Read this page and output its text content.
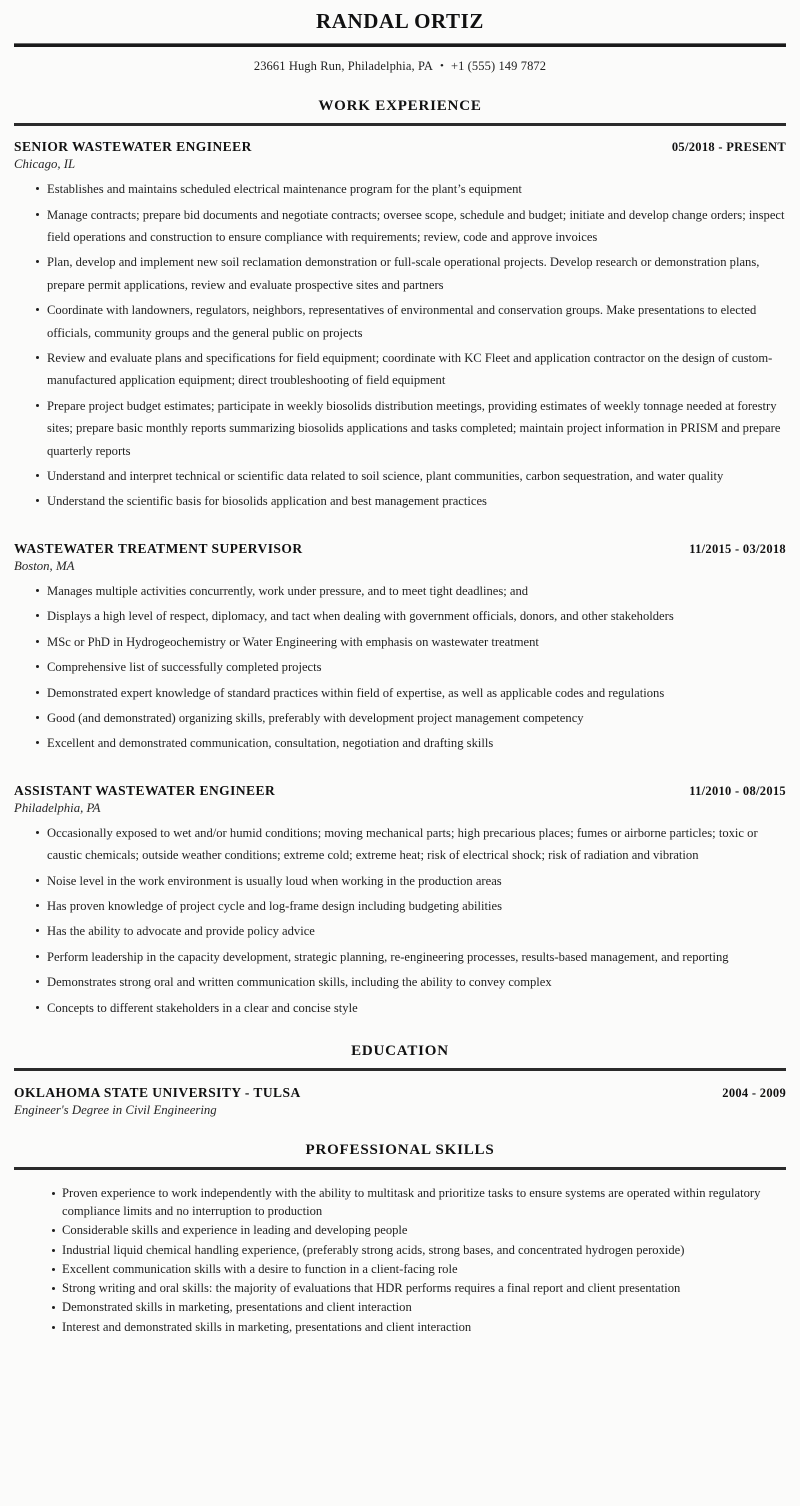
RANDAL ORTIZ
23661 Hugh Run, Philadelphia, PA • +1 (555) 149 7872
WORK EXPERIENCE
SENIOR WASTEWATER ENGINEER	05/2018 - PRESENT
Chicago, IL
Establishes and maintains scheduled electrical maintenance program for the plant’s equipment
Manage contracts; prepare bid documents and negotiate contracts; oversee scope, schedule and budget; initiate and develop change orders; inspect field operations and construction to ensure compliance with requirements; review, code and approve invoices
Plan, develop and implement new soil reclamation demonstration or full-scale operational projects. Develop research or demonstration plans, prepare permit applications, review and evaluate prospective sites and partners
Coordinate with landowners, regulators, neighbors, representatives of environmental and conservation groups. Make presentations to elected officials, community groups and the general public on projects
Review and evaluate plans and specifications for field equipment; coordinate with KC Fleet and application contractor on the design of custom-manufactured application equipment; direct troubleshooting of field equipment
Prepare project budget estimates; participate in weekly biosolids distribution meetings, providing estimates of weekly tonnage needed at forestry sites; prepare basic monthly reports summarizing biosolids applications and tasks completed; maintain project information in PRISM and prepare quarterly reports
Understand and interpret technical or scientific data related to soil science, plant communities, carbon sequestration, and water quality
Understand the scientific basis for biosolids application and best management practices
WASTEWATER TREATMENT SUPERVISOR	11/2015 - 03/2018
Boston, MA
Manages multiple activities concurrently, work under pressure, and to meet tight deadlines; and
Displays a high level of respect, diplomacy, and tact when dealing with government officials, donors, and other stakeholders
MSc or PhD in Hydrogeochemistry or Water Engineering with emphasis on wastewater treatment
Comprehensive list of successfully completed projects
Demonstrated expert knowledge of standard practices within field of expertise, as well as applicable codes and regulations
Good (and demonstrated) organizing skills, preferably with development project management competency
Excellent and demonstrated communication, consultation, negotiation and drafting skills
ASSISTANT WASTEWATER ENGINEER	11/2010 - 08/2015
Philadelphia, PA
Occasionally exposed to wet and/or humid conditions; moving mechanical parts; high precarious places; fumes or airborne particles; toxic or caustic chemicals; outside weather conditions; extreme cold; extreme heat; risk of electrical shock; risk of radiation and vibration
Noise level in the work environment is usually loud when working in the production areas
Has proven knowledge of project cycle and log-frame design including budgeting abilities
Has the ability to advocate and provide policy advice
Perform leadership in the capacity development, strategic planning, re-engineering processes, results-based management, and reporting
Demonstrates strong oral and written communication skills, including the ability to convey complex
Concepts to different stakeholders in a clear and concise style
EDUCATION
OKLAHOMA STATE UNIVERSITY - TULSA	2004 - 2009
Engineer's Degree in Civil Engineering
PROFESSIONAL SKILLS
Proven experience to work independently with the ability to multitask and prioritize tasks to ensure systems are operated within regulatory compliance limits and no interruption to production
Considerable skills and experience in leading and developing people
Industrial liquid chemical handling experience, (preferably strong acids, strong bases, and concentrated hydrogen peroxide)
Excellent communication skills with a desire to function in a client-facing role
Strong writing and oral skills: the majority of evaluations that HDR performs requires a final report and client presentation
Demonstrated skills in marketing, presentations and client interaction
Interest and demonstrated skills in marketing, presentations and client interaction
